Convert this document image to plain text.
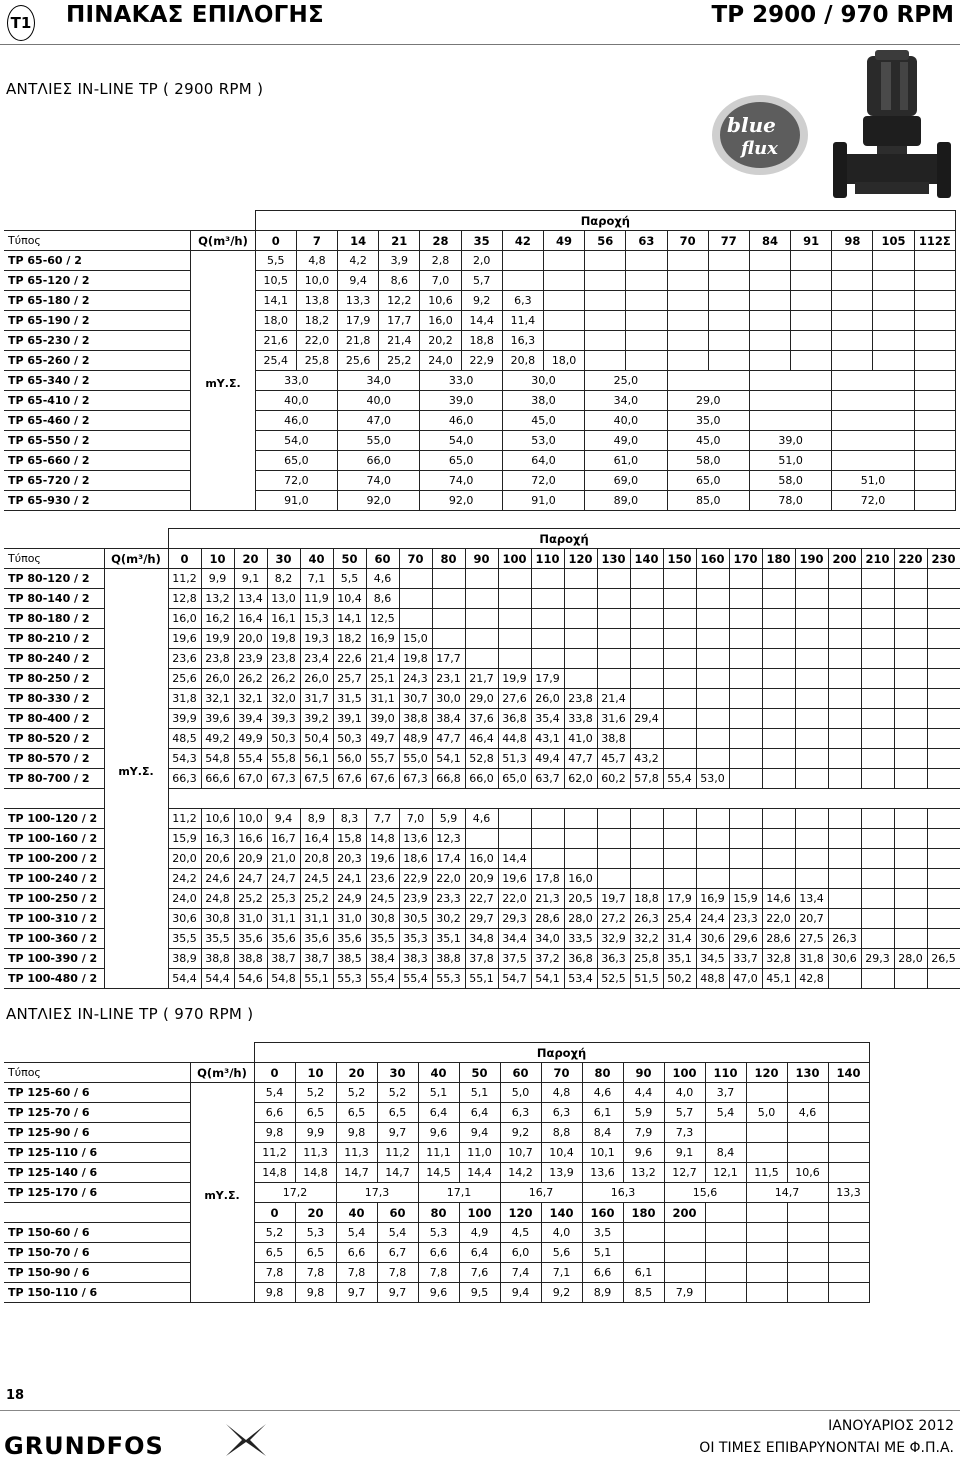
T1 ΠΙΝΑΚΑΣ ΕΠΙΛΟΓΗΣ	TP 2900 / 970 RPM
ΑΝΤΛΙΕΣ IN-LINE TP ( 2900 RPM )
blue
flux
		Παροχή																
Τύπος	Q(m³/h)	0	7	14	21	28	35	42	49	56	63	70	77	84	91	98	105	112Σ
TP 65-60 / 2	mΥ.Σ.	5,5	4,8	4,2	3,9	2,8	2,0											
TP 65-120 / 2		10,5	10,0	9,4	8,6	7,0	5,7											
TP 65-180 / 2		14,1	13,8	13,3	12,2	10,6	9,2	6,3										
TP 65-190 / 2		18,0	18,2	17,9	17,7	16,0	14,4	11,4										
TP 65-230 / 2		21,6	22,0	21,8	21,4	20,2	18,8	16,3										
TP 65-260 / 2		25,4	25,8	25,6	25,2	24,0	22,9	20,8	18,0									
TP 65-340 / 2		33,0		34,0		33,0		30,0		25,0								
TP 65-410 / 2		40,0		40,0		39,0		38,0		34,0		29,0						
TP 65-460 / 2		46,0		47,0		46,0		45,0		40,0		35,0						
TP 65-550 / 2		54,0		55,0		54,0		53,0		49,0		45,0		39,0				
TP 65-660 / 2		65,0		66,0		65,0		64,0		61,0		58,0		51,0				
TP 65-720 / 2		72,0		74,0		74,0		72,0		69,0		65,0		58,0		51,0		
TP 65-930 / 2		91,0		92,0		92,0		91,0		89,0		85,0		78,0		72,0		
		Παροχή																							
Τύπος	Q(m³/h)	0	10	20	30	40	50	60	70	80	90	100	110	120	130	140	150	160	170	180	190	200	210	220	230
TP 80-120 / 2	mΥ.Σ.	11,2	9,9	9,1	8,2	7,1	5,5	4,6																	
TP 80-140 / 2		12,8	13,2	13,4	13,0	11,9	10,4	8,6																	
TP 80-180 / 2		16,0	16,2	16,4	16,1	15,3	14,1	12,5																	
TP 80-210 / 2		19,6	19,9	20,0	19,8	19,3	18,2	16,9	15,0																
TP 80-240 / 2		23,6	23,8	23,9	23,8	23,4	22,6	21,4	19,8	17,7															
TP 80-250 / 2		25,6	26,0	26,2	26,2	26,0	25,7	25,1	24,3	23,1	21,7	19,9	17,9												
TP 80-330 / 2		31,8	32,1	32,1	32,0	31,7	31,5	31,1	30,7	30,0	29,0	27,6	26,0	23,8	21,4										
TP 80-400 / 2		39,9	39,6	39,4	39,3	39,2	39,1	39,0	38,8	38,4	37,6	36,8	35,4	33,8	31,6	29,4									
TP 80-520 / 2		48,5	49,2	49,9	50,3	50,4	50,3	49,7	48,9	47,7	46,4	44,8	43,1	41,0	38,8										
TP 80-570 / 2		54,3	54,8	55,4	55,8	56,1	56,0	55,7	55,0	54,1	52,8	51,3	49,4	47,7	45,7	43,2									
TP 80-700 / 2		66,3	66,6	67,0	67,3	67,5	67,6	67,6	67,3	66,8	66,0	65,0	63,7	62,0	60,2	57,8	55,4	53,0							

TP 100-120 / 2		11,2	10,6	10,0	9,4	8,9	8,3	7,7	7,0	5,9	4,6														
TP 100-160 / 2		15,9	16,3	16,6	16,7	16,4	15,8	14,8	13,6	12,3															
TP 100-200 / 2		20,0	20,6	20,9	21,0	20,8	20,3	19,6	18,6	17,4	16,0	14,4													
TP 100-240 / 2		24,2	24,6	24,7	24,7	24,5	24,1	23,6	22,9	22,0	20,9	19,6	17,8	16,0											
TP 100-250 / 2		24,0	24,8	25,2	25,3	25,2	24,9	24,5	23,9	23,3	22,7	22,0	21,3	20,5	19,7	18,8	17,9	16,9	15,9	14,6	13,4				
TP 100-310 / 2		30,6	30,8	31,0	31,1	31,1	31,0	30,8	30,5	30,2	29,7	29,3	28,6	28,0	27,2	26,3	25,4	24,4	23,3	22,0	20,7				
TP 100-360 / 2		35,5	35,5	35,6	35,6	35,6	35,6	35,5	35,3	35,1	34,8	34,4	34,0	33,5	32,9	32,2	31,4	30,6	29,6	28,6	27,5	26,3			
TP 100-390 / 2		38,9	38,8	38,8	38,7	38,7	38,5	38,4	38,3	38,8	37,8	37,5	37,2	36,8	36,3	25,8	35,1	34,5	33,7	32,8	31,8	30,6	29,3	28,0	26,5
TP 100-480 / 2		54,4	54,4	54,6	54,8	55,1	55,3	55,4	55,4	55,3	55,1	54,7	54,1	53,4	52,5	51,5	50,2	48,8	47,0	45,1	42,8				
ΑΝΤΛΙΕΣ IN-LINE TP ( 970 RPM )
		Παροχή														
Τύπος	Q(m³/h)	0	10	20	30	40	50	60	70	80	90	100	110	120	130	140
TP 125-60 / 6	mΥ.Σ.	5,4	5,2	5,2	5,2	5,1	5,1	5,0	4,8	4,6	4,4	4,0	3,7			
TP 125-70 / 6		6,6	6,5	6,5	6,5	6,4	6,4	6,3	6,3	6,1	5,9	5,7	5,4	5,0	4,6	
TP 125-90 / 6		9,8	9,9	9,8	9,7	9,6	9,4	9,2	8,8	8,4	7,9	7,3				
TP 125-110 / 6		11,2	11,3	11,3	11,2	11,1	11,0	10,7	10,4	10,1	9,6	9,1	8,4			
TP 125-140 / 6		14,8	14,8	14,7	14,7	14,5	14,4	14,2	13,9	13,6	13,2	12,7	12,1	11,5	10,6	
TP 125-170 / 6		17,2		17,3		17,1		16,7		16,3		15,6		14,7		13,3
		0	20	40	60	80	100	120	140	160	180	200				
TP 150-60 / 6		5,2	5,3	5,4	5,4	5,3	4,9	4,5	4,0	3,5						
TP 150-70 / 6		6,5	6,5	6,6	6,7	6,6	6,4	6,0	5,6	5,1						
TP 150-90 / 6		7,8	7,8	7,8	7,8	7,8	7,6	7,4	7,1	6,6	6,1					
TP 150-110 / 6		9,8	9,8	9,7	9,7	9,6	9,5	9,4	9,2	8,9	8,5	7,9				
18
GRUNDFOS
ΙΑΝΟΥΑΡΙΟΣ 2012
ΟΙ ΤΙΜΕΣ ΕΠΙΒΑΡΥΝΟΝΤΑΙ ΜΕ Φ.Π.Α.
